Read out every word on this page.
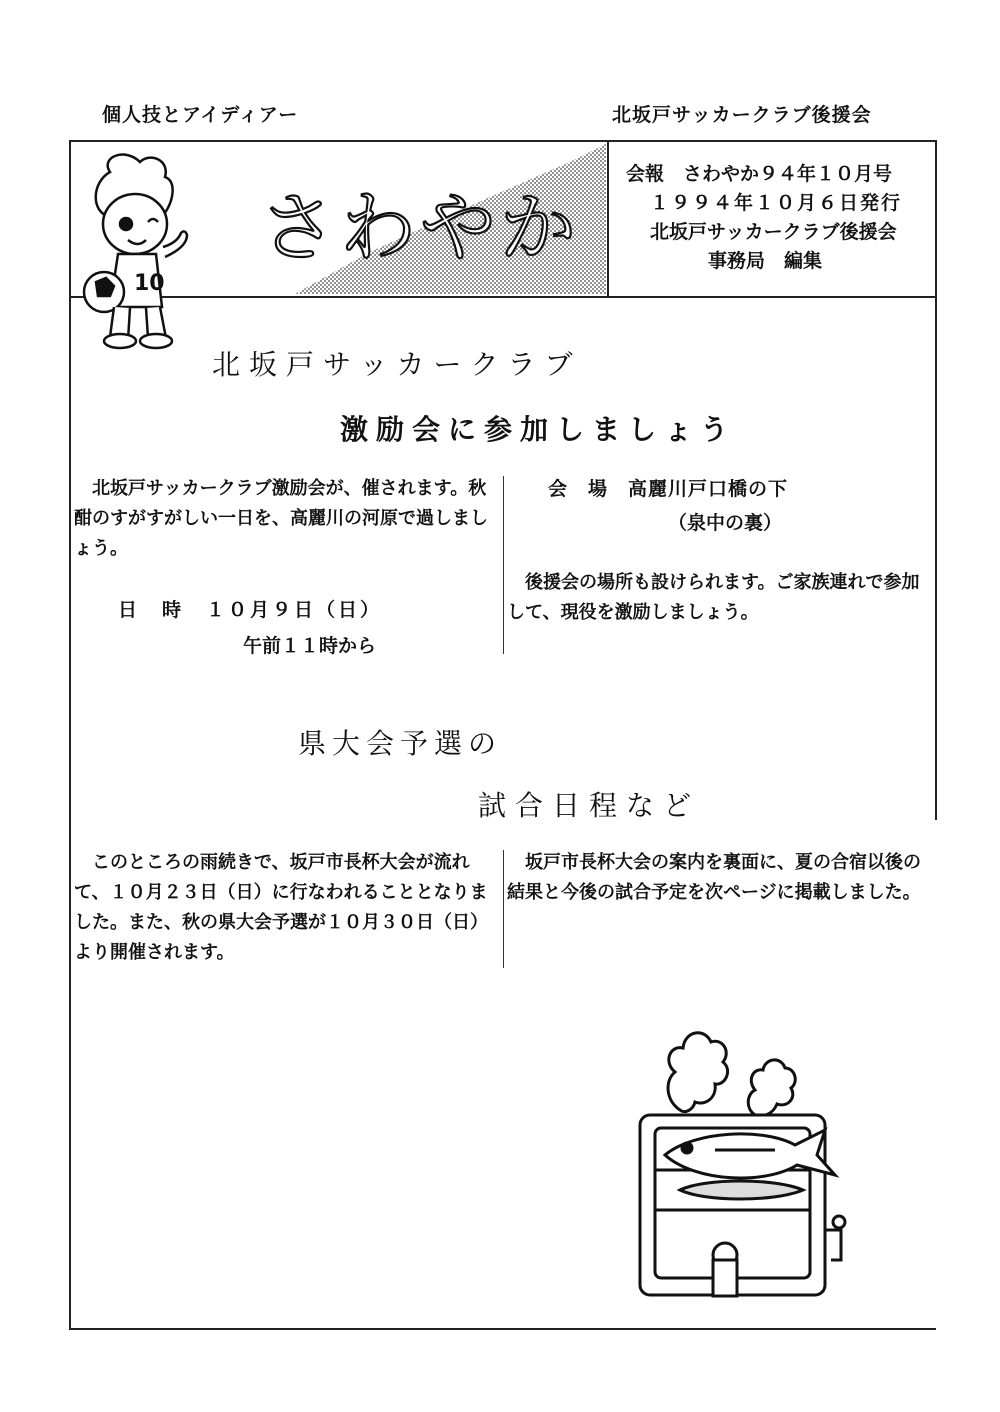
個人技とアイディアー	北坂戸サッカークラブ後援会
10
さわやか
会報　さわやか９４年１０月号
１９９４年１０月６日発行
北坂戸サッカークラブ後援会
事務局　編集
北坂戸サッカークラブ
激励会に参加しましょう
北坂戸サッカークラブ激励会が、催されます。秋酣のすがすがしい一日を、高麗川の河原で過しましょう。
日　時　１０月９日（日）
午前１１時から
会　場　高麗川戸口橋の下
（泉中の裏）
後援会の場所も設けられます。ご家族連れで参加して、現役を激励しましょう。
県大会予選の
試合日程など
このところの雨続きで、坂戸市長杯大会が流れて、１０月２３日（日）に行なわれることとなりました。また、秋の県大会予選が１０月３０日（日）より開催されます。
坂戸市長杯大会の案内を裏面に、夏の合宿以後の結果と今後の試合予定を次ページに掲載しました。
